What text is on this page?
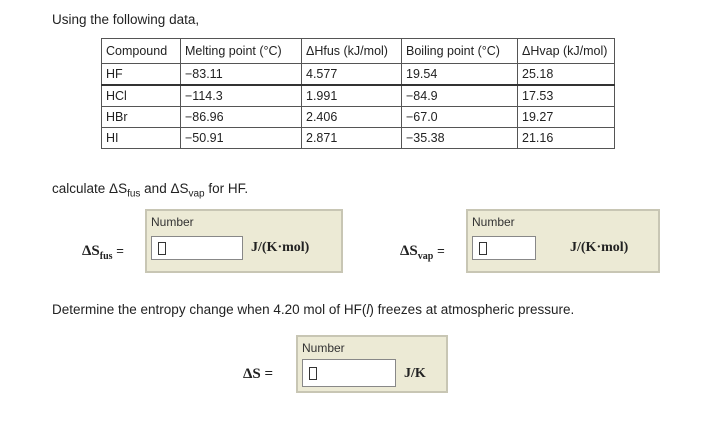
Using the following data,
Compound	Melting point (°C)	ΔHfus (kJ/mol)	Boiling point (°C)	ΔHvap (kJ/mol)
HF	−83.11	4.577	19.54	25.18
HCl	−114.3	1.991	−84.9	17.53
HBr	−86.96	2.406	−67.0	19.27
HI	−50.91	2.871	−35.38	21.16
calculate $\Delta S_{fus}$ and $\Delta S_{vap}$ for HF.
$\Delta S_{fus}$ =
Number
J/(K·mol)	$\Delta S_{vap}$ =
Number
J/(K·mol)
Determine the entropy change when 4.20 mol of HF(l) freezes at atmospheric pressure.
ΔS =
Number
J/K
